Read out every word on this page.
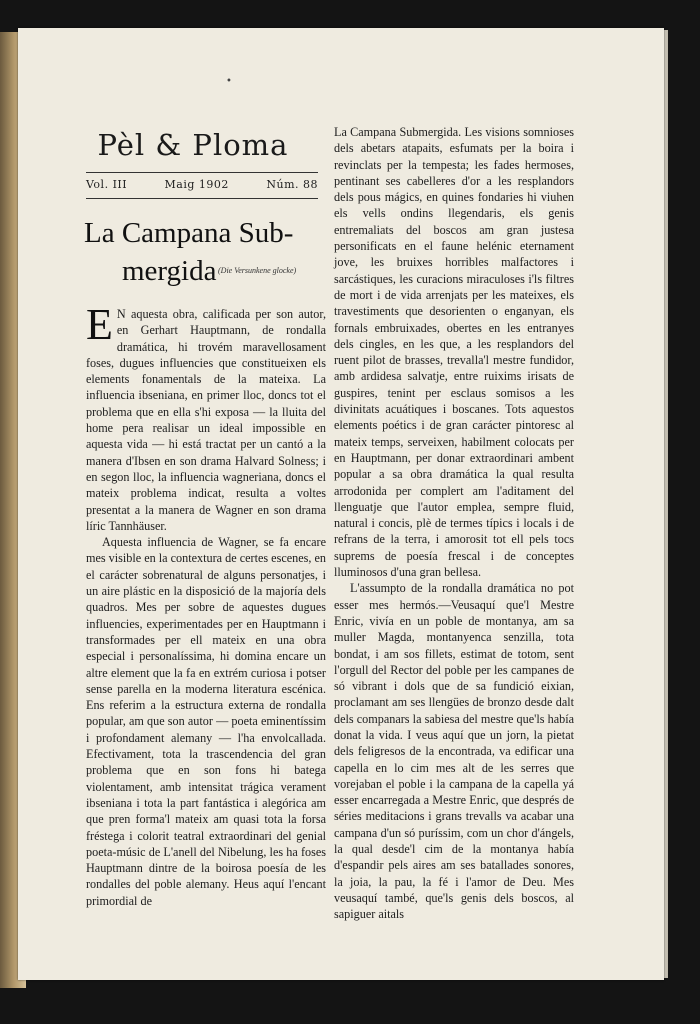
•
Pèl & Ploma
Vol. III	Maig 1902	Núm. 88
La Campana Sub-
mergida (Die Versunkene glocke)

E N aquesta obra, calificada per son autor, en Gerhart Hauptmann, de rondalla dramática, hi trovém maravellosament foses, dugues influencies que constitueixen els elements fonamentals de la mateixa. La influencia ibseniana, en primer lloc, doncs tot el problema que en ella s'hi exposa — la lluita del home pera realisar un ideal impossible en aquesta vida — hi está tractat per un cantó a la manera d'Ibsen en son drama Halvard Solness; i en segon lloc, la influencia wagneriana, doncs el mateix problema indicat, resulta a voltes presentat a la manera de Wagner en son drama líric Tannhäuser.

Aquesta influencia de Wagner, se fa encare mes visible en la contextura de certes escenes, en el carácter sobrenatural de alguns personatjes, i un aire plástic en la disposició de la majoría dels quadros. Mes per sobre de aquestes dugues influencies, experimentades per en Hauptmann i transformades per ell mateix en una obra especial i personalíssima, hi domina encare un altre element que la fa en extrém curiosa i potser sense parella en la moderna literatura escénica. Ens referim a la estructura externa de rondalla popular, am que son autor — poeta eminentíssim i profondament alemany — l'ha envolcallada. Efectivament, tota la trascendencia del gran problema que en son fons hi batega violentament, amb intensitat trágica verament ibseniana i tota la part fantástica i alegórica am que pren forma'l mateix am quasi tota la forsa fréstega i colorit teatral extraordinari del genial poeta-músic de L'anell del Nibelung, les ha foses Hauptmann dintre de la boirosa poesía de les rondalles del poble alemany. Heus aquí l'encant primordial de

La Campana Submergida. Les visions somnioses dels abetars atapaits, esfumats per la boira i revinclats per la tempesta; les fades hermoses, pentinant ses cabelleres d'or a les resplandors dels pous mágics, en quines fondaries hi viuhen els vells ondins llegendaris, els genis entremaliats del boscos am gran justesa personificats en el faune helénic eternament jove, les bruixes horribles malfactores i sarcástiques, les curacions miraculoses i'ls filtres de mort i de vida arrenjats per les mateixes, els travestiments que desorienten o enganyan, els fornals embruixades, obertes en les entranyes dels cingles, en les que, a les resplandors del ruent pilot de brasses, trevalla'l mestre fundidor, amb ardidesa salvatje, entre ruixims irisats de guspires, tenint per esclaus somisos a les divinitats acuátiques i boscanes. Tots aquestos elements poétics i de gran carácter pintoresc al mateix temps, serveixen, habilment colocats per en Hauptmann, per donar extraordinari ambent popular a sa obra dramática la qual resulta arrodonida per complert am l'aditament del llenguatje que l'autor emplea, sempre fluid, natural i concis, plè de termes típics i locals i de refrans de la terra, i amorosit tot ell pels tocs suprems de poesía frescal i de conceptes lluminosos d'una gran bellesa.

L'assumpto de la rondalla dramática no pot esser mes hermós.—Veusaquí que'l Mestre Enric, vivía en un poble de montanya, am sa muller Magda, montanyenca senzilla, tota bondat, i am sos fillets, estimat de totom, sent l'orgull del Rector del poble per les campanes de só vibrant i dols que de sa fundició eixian, proclamant am ses llengües de bronzo desde dalt dels companars la sabiesa del mestre que'ls había donat la vida. I veus aquí que un jorn, la pietat dels feligresos de la encontrada, va edificar una capella en lo cim mes alt de les serres que vorejaban el poble i la campana de la capella yá esser encarregada a Mestre Enric, que després de séries meditacions i grans trevalls va acabar una campana d'un só puríssim, com un chor d'ángels, la qual desde'l cim de la montanya había d'espandir pels aires am ses batallades sonores, la joia, la pau, la fé i l'amor de Deu. Mes veusaquí també, que'ls genis dels boscos, al sapiguer aitals
